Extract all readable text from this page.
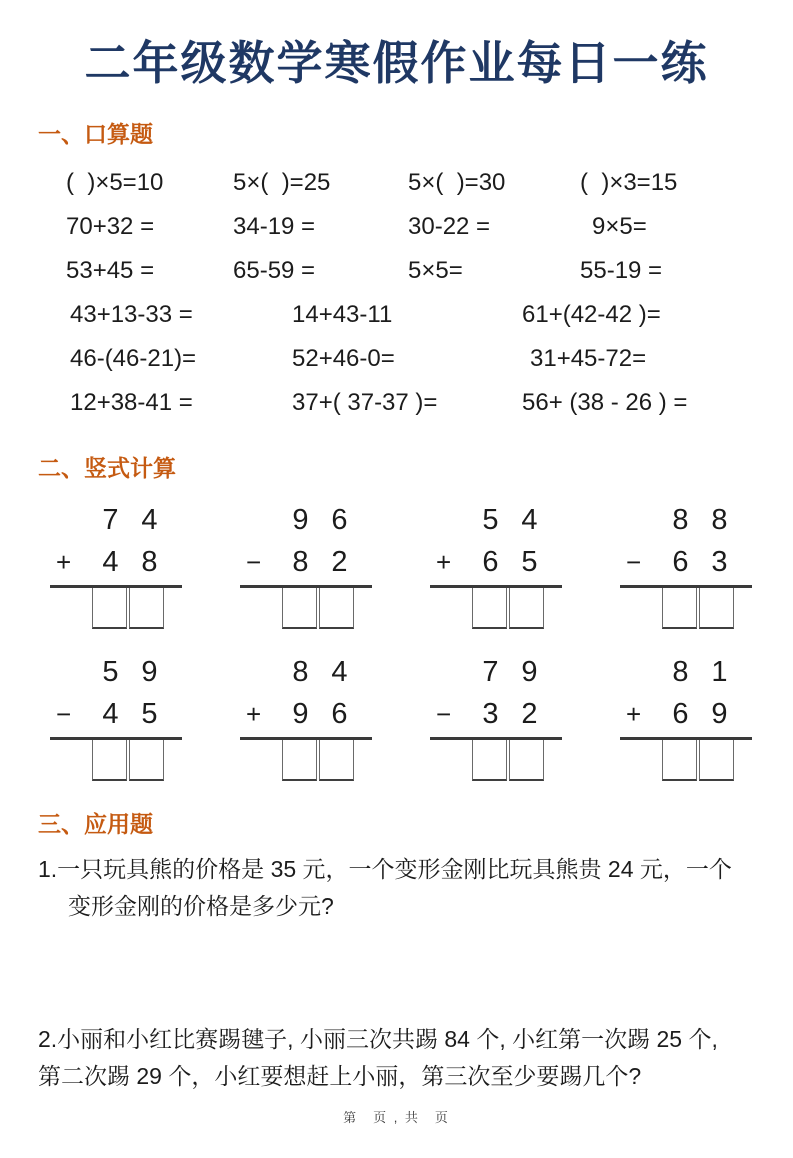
二年级数学寒假作业每日一练
一、口算题
(  )×5=10	5×(  )=25	5×(  )=30	(  )×3=15
70+32 =	34-19 =	30-22 =	9×5=
53+45 =	65-59 =	5×5=	55-19 =
43+13-33 =	14+43-11	61+(42-42 )=
46-(46-21)=	52+46-0=	31+45-72=
12+38-41 =	37+( 37-37 )=	56+ (38 - 26 ) =
二、竖式计算
7 4
+	4 8
9 6
−	8 2
5 4
+	6 5
8 8
−	6 3
5 9
−	4 5
8 4
+	9 6
7 9
−	3 2
8 1
+	6 9
三、应用题
1.一只玩具熊的价格是 35 元，一个变形金刚比玩具熊贵 24 元，一个
变形金刚的价格是多少元?
2.小丽和小红比赛踢毽子, 小丽三次共踢 84 个, 小红第一次踢 25 个,
第二次踢 29 个，小红要想赶上小丽，第三次至少要踢几个?
第　页 , 共　页
